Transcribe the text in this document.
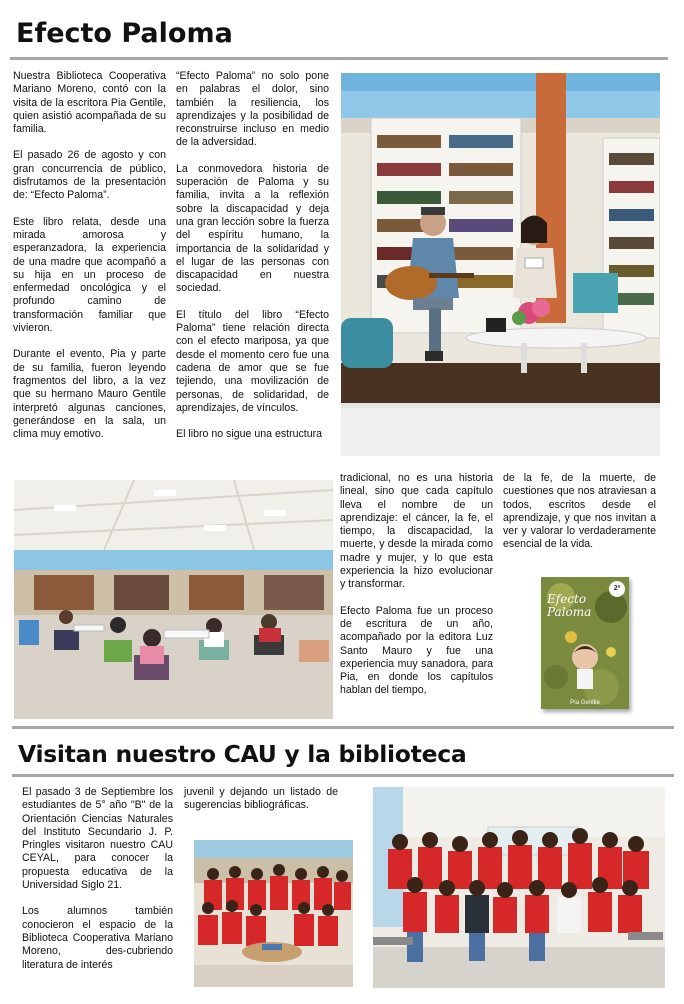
Efecto Paloma

Nuestra Biblioteca Cooperativa Mariano Moreno, contó con la visita de la escritora Pia Gentile, quien asistió acompañada de su familia.

El pasado 26 de agosto y con gran concurrencia de público, disfrutamos de la presentación de: “Efecto Paloma”.

Este libro relata, desde una mirada amorosa y esperanzadora, la experiencia de una madre que acompañó a su hija en un proceso de enfermedad oncológica y el profundo camino de transformación familiar que vivieron.

Durante el evento, Pia y parte de su familia, fueron leyendo fragmentos del libro, a la vez que su hermano Mauro Gentile interpretó algunas canciones, generándose en la sala, un clima muy emotivo.

“Efecto Paloma” no solo pone en palabras el dolor, sino también la resiliencia, los aprendizajes y la posibilidad de reconstruirse incluso en medio de la adversidad.

La conmovedora historia de superación de Paloma y su familia, invita a la reflexión sobre la discapacidad y deja una gran lección sobre la fuerza del espíritu humano, la importancia de la solidaridad y el lugar de las personas con discapacidad en nuestra sociedad.

El título del libro “Efecto Paloma” tiene relación directa con el efecto mariposa, ya que desde el momento cero fue una cadena de amor que se fue tejiendo, una movilización de personas, de solidaridad, de aprendizajes, de vínculos.

El libro no sigue una estructura

tradicional, no es una historia lineal, sino que cada capítulo lleva el nombre de un aprendizaje: el cáncer, la fe, el tiempo, la discapacidad, la muerte, y desde la mirada como madre y mujer, y lo que esta experiencia la hizo evolucionar y transformar.

Efecto Paloma fue un proceso de escritura de un año, acompañado por la editora Luz Santo Mauro y fue una experiencia muy sanadora, para Pia, en donde los capítulos hablan del tiempo,

de la fe, de la muerte, de cuestiones que nos atraviesan a todos, escritos desde el aprendizaje, y que nos invitan a ver y valorar lo verdaderamente esencial de la vida.

Efecto Paloma
2ª
Pía Gentile
Visitan nuestro CAU y la biblioteca

El pasado 3 de Septiembre los estudiantes de 5° año "B" de la Orientación Ciencias Naturales del Instituto Secundario J. P. Pringles visitaron nuestro CAU CEYAL, para conocer la propuesta educativa de la Universidad Siglo 21.

Los alumnos también conocieron el espacio de la Biblioteca Cooperativa Mariano Moreno, des-cubriendo literatura de interés

juvenil y dejando un listado de sugerencias bibliográficas.
